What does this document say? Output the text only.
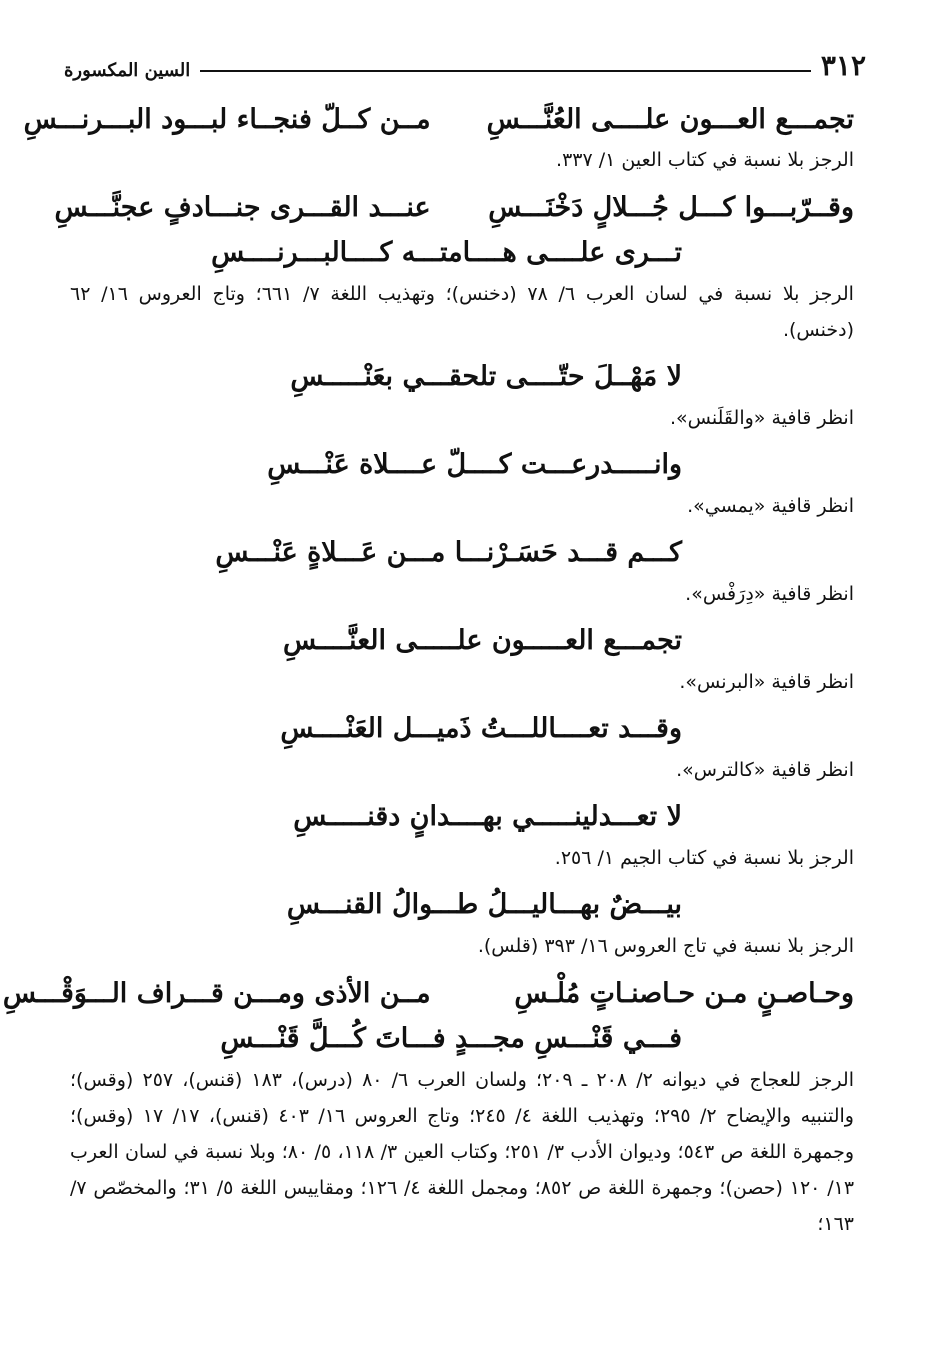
٣١٢
السين المكسورة
تجمـــع العـــون علــــى العُنَّـــسِ
مــن كــلّ فنجــاء لبـــود البـــرنـــسِ
الرجز بلا نسبة في كتاب العين ١/ ٣٣٧.
وقــرّبـــوا كـــل جُـــلالٍ دَخْنَـــسِ
عنـــد القـــرى جنـــادفٍ عجنَّـــسِ
تـــرى علــــى هــــامتـــه كــــالبـــرنــــسِ
الرجز بلا نسبة في لسان العرب ٦/ ٧٨ (دخنس)؛ وتهذيب اللغة ٧/ ٦٦١؛ وتاج العروس ١٦/ ٦٢ (دخنس).
لا مَهْــلَ حتّــــى تلحقـــي بعَنْـــــسِ
انظر قافية «والقَلَنس».
وانـــــدرعـــت كــــلّ عــــلاة عَنْـــسِ
انظر قافية «يمسي».
كـــم قـــد حَسَـرْنـــا مـــن عَـــلاةٍ عَنْـــسِ
انظر قافية «دِرَفْس».
تجمـــع العـــــون علـــــى العنَّــــسِ
انظر قافية «البرنس».
وقـــد تعــــاللـــتُ ذَميـــل العَنْــــسِ
انظر قافية «كالترس».
لا تعـــدلينـــــي بهــــدانٍ دقنـــــسِ
الرجز بلا نسبة في كتاب الجيم ١/ ٢٥٦.
بيـــضٌ بهـــاليـــلُ طـــوالُ القنـــسِ
الرجز بلا نسبة في تاج العروس ١٦/ ٣٩٣ (قلس).
وحـاصـنٍ مـن حـاصنـاتٍ مُلْـسِ
مــن الأذى ومـــن قـــراف الـــوَقْـــسِ
فـــي قَنْـــسِ مجـــدٍ فـــاتَ كُـــلَّ قَنْـــسِ
الرجز للعجاج في ديوانه ٢/ ٢٠٨ ـ ٢٠٩؛ ولسان العرب ٦/ ٨٠ (درس)، ١٨٣ (قنس)، ٢٥٧ (وقس)؛ والتنبيه والإيضاح ٢/ ٢٩٥؛ وتهذيب اللغة ٤/ ٢٤٥؛ وتاج العروس ١٦/ ٤٠٣ (قنس)، ١٧/ ١٧ (وقس)؛ وجمهرة اللغة ص ٥٤٣؛ وديوان الأدب ٣/ ٢٥١؛ وكتاب العين ٣/ ١١٨، ٥/ ٨٠؛ وبلا نسبة في لسان العرب ١٣/ ١٢٠ (حصن)؛ وجمهرة اللغة ص ٨٥٢؛ ومجمل اللغة ٤/ ١٢٦؛ ومقاييس اللغة ٥/ ٣١؛ والمخصّص ٧/ ١٦٣؛
